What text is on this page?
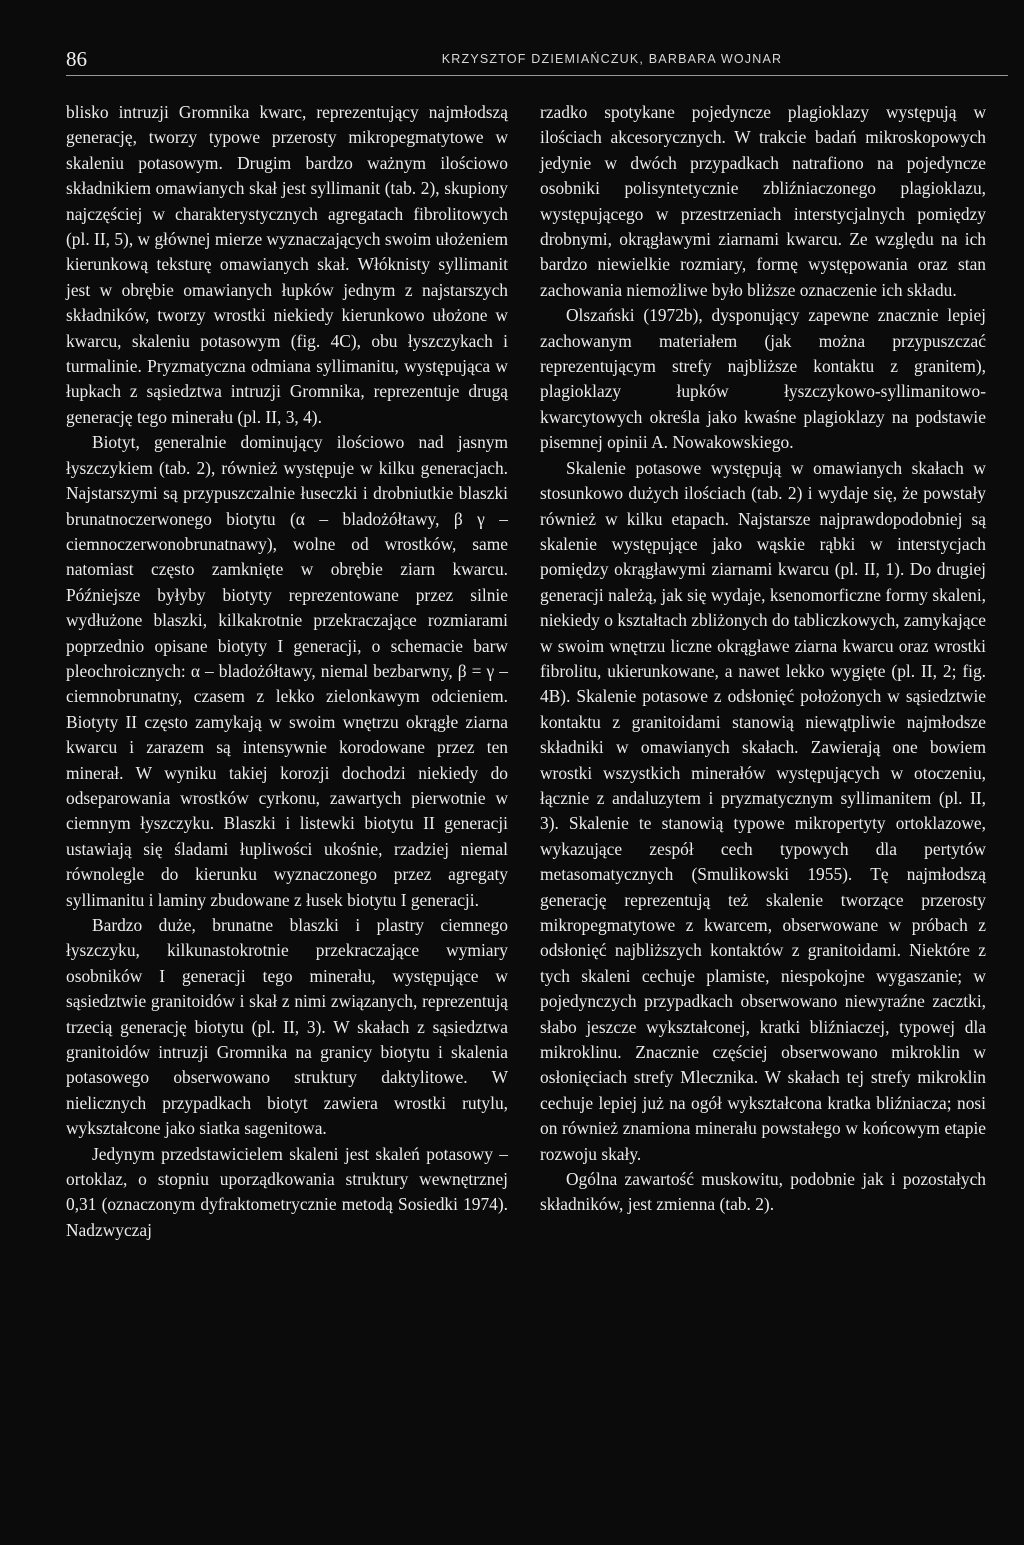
86	KRZYSZTOF DZIEMIAŃCZUK, BARBARA WOJNAR

blisko intruzji Gromnika kwarc, reprezentujący najmłodszą generację, tworzy typowe przerosty mikropegmatytowe w skaleniu potasowym. Drugim bardzo ważnym ilościowo składnikiem omawianych skał jest syllimanit (tab. 2), skupiony najczęściej w charakterystycznych agregatach fibrolitowych (pl. II, 5), w głównej mierze wyznaczających swoim ułożeniem kierunkową teksturę omawianych skał. Włóknisty syllimanit jest w obrębie omawianych łupków jednym z najstarszych składników, tworzy wrostki niekiedy kierunkowo ułożone w kwarcu, skaleniu potasowym (fig. 4C), obu łyszczykach i turmalinie. Pryzmatyczna odmiana syllimanitu, występująca w łupkach z sąsiedztwa intruzji Gromnika, reprezentuje drugą generację tego minerału (pl. II, 3, 4).

Biotyt, generalnie dominujący ilościowo nad jasnym łyszczykiem (tab. 2), również występuje w kilku generacjach. Najstarszymi są przypuszczalnie łuseczki i drobniutkie blaszki brunatnoczerwonego biotytu (α – bladożółtawy, β γ – ciemnoczerwonobrunatnawy), wolne od wrostków, same natomiast często zamknięte w obrębie ziarn kwarcu. Późniejsze byłyby biotyty reprezentowane przez silnie wydłużone blaszki, kilkakrotnie przekraczające rozmiarami poprzednio opisane biotyty I generacji, o schemacie barw pleochroicznych: α – bladożółtawy, niemal bezbarwny, β = γ – ciemnobrunatny, czasem z lekko zielonkawym odcieniem. Biotyty II często zamykają w swoim wnętrzu okrągłe ziarna kwarcu i zarazem są intensywnie korodowane przez ten minerał. W wyniku takiej korozji dochodzi niekiedy do odseparowania wrostków cyrkonu, zawartych pierwotnie w ciemnym łyszczyku. Blaszki i listewki biotytu II generacji ustawiają się śladami łupliwości ukośnie, rzadziej niemal równolegle do kierunku wyznaczonego przez agregaty syllimanitu i laminy zbudowane z łusek biotytu I generacji.

Bardzo duże, brunatne blaszki i plastry ciemnego łyszczyku, kilkunastokrotnie przekraczające wymiary osobników I generacji tego minerału, występujące w sąsiedztwie granitoidów i skał z nimi związanych, reprezentują trzecią generację biotytu (pl. II, 3). W skałach z sąsiedztwa granitoidów intruzji Gromnika na granicy biotytu i skalenia potasowego obserwowano struktury daktylitowe. W nielicznych przypadkach biotyt zawiera wrostki rutylu, wykształcone jako siatka sagenitowa.

Jedynym przedstawicielem skaleni jest skaleń potasowy – ortoklaz, o stopniu uporządkowania struktury wewnętrznej 0,31 (oznaczonym dyfraktometrycznie metodą Sosiedki 1974). Nadzwyczaj

rzadko spotykane pojedyncze plagioklazy występują w ilościach akcesorycznych. W trakcie badań mikroskopowych jedynie w dwóch przypadkach natrafiono na pojedyncze osobniki polisyntetycznie zbliźniaczonego plagioklazu, występującego w przestrzeniach interstycjalnych pomiędzy drobnymi, okrągławymi ziarnami kwarcu. Ze względu na ich bardzo niewielkie rozmiary, formę występowania oraz stan zachowania niemożliwe było bliższe oznaczenie ich składu.

Olszański (1972b), dysponujący zapewne znacznie lepiej zachowanym materiałem (jak można przypuszczać reprezentującym strefy najbliższe kontaktu z granitem), plagioklazy łupków łyszczykowo-syllimanitowo-kwarcytowych określa jako kwaśne plagioklazy na podstawie pisemnej opinii A. Nowakowskiego.

Skalenie potasowe występują w omawianych skałach w stosunkowo dużych ilościach (tab. 2) i wydaje się, że powstały również w kilku etapach. Najstarsze najprawdopodobniej są skalenie występujące jako wąskie rąbki w interstycjach pomiędzy okrągławymi ziarnami kwarcu (pl. II, 1). Do drugiej generacji należą, jak się wydaje, ksenomorficzne formy skaleni, niekiedy o kształtach zbliżonych do tabliczkowych, zamykające w swoim wnętrzu liczne okrągławe ziarna kwarcu oraz wrostki fibrolitu, ukierunkowane, a nawet lekko wygięte (pl. II, 2; fig. 4B). Skalenie potasowe z odsłonięć położonych w sąsiedztwie kontaktu z granitoidami stanowią niewątpliwie najmłodsze składniki w omawianych skałach. Zawierają one bowiem wrostki wszystkich minerałów występujących w otoczeniu, łącznie z andaluzytem i pryzmatycznym syllimanitem (pl. II, 3). Skalenie te stanowią typowe mikropertyty ortoklazowe, wykazujące zespół cech typowych dla pertytów metasomatycznych (Smulikowski 1955). Tę najmłodszą generację reprezentują też skalenie tworzące przerosty mikropegmatytowe z kwarcem, obserwowane w próbach z odsłonięć najbliższych kontaktów z granitoidami. Niektóre z tych skaleni cechuje plamiste, niespokojne wygaszanie; w pojedynczych przypadkach obserwowano niewyraźne zacztki, słabo jeszcze wykształconej, kratki bliźniaczej, typowej dla mikroklinu. Znacznie częściej obserwowano mikroklin w osłonięciach strefy Mlecznika. W skałach tej strefy mikroklin cechuje lepiej już na ogół wykształcona kratka bliźniacza; nosi on również znamiona minerału powstałego w końcowym etapie rozwoju skały.

Ogólna zawartość muskowitu, podobnie jak i pozostałych składników, jest zmienna (tab. 2).
